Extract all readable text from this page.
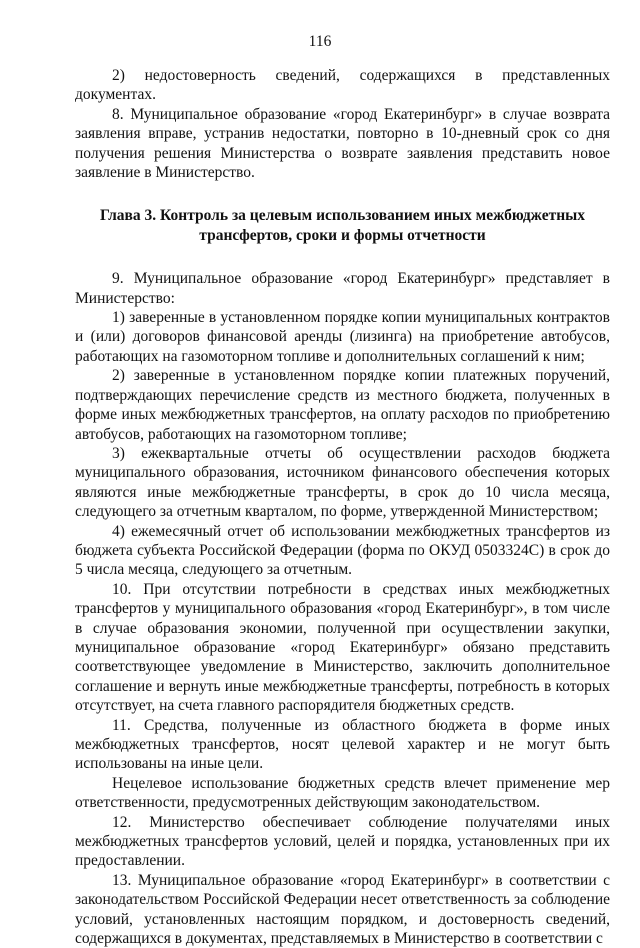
116

2) недостоверность сведений, содержащихся в представленных документах.

8. Муниципальное образование «город Екатеринбург» в случае возврата заявления вправе, устранив недостатки, повторно в 10-дневный срок со дня получения решения Министерства о возврате заявления представить новое заявление в Министерство.

Глава 3. Контроль за целевым использованием иных межбюджетных трансфертов, сроки и формы отчетности

9. Муниципальное образование «город Екатеринбург» представляет в Министерство:

1) заверенные в установленном порядке копии муниципальных контрактов и (или) договоров финансовой аренды (лизинга) на приобретение автобусов, работающих на газомоторном топливе и дополнительных соглашений к ним;

2) заверенные в установленном порядке копии платежных поручений, подтверждающих перечисление средств из местного бюджета, полученных в форме иных межбюджетных трансфертов, на оплату расходов по приобретению автобусов, работающих на газомоторном топливе;

3) ежеквартальные отчеты об осуществлении расходов бюджета муниципального образования, источником финансового обеспечения которых являются иные межбюджетные трансферты, в срок до 10 числа месяца, следующего за отчетным кварталом, по форме, утвержденной Министерством;

4) ежемесячный отчет об использовании межбюджетных трансфертов из бюджета субъекта Российской Федерации (форма по ОКУД 0503324С) в срок до 5 числа месяца, следующего за отчетным.

10. При отсутствии потребности в средствах иных межбюджетных трансфертов у муниципального образования «город Екатеринбург», в том числе в случае образования экономии, полученной при осуществлении закупки, муниципальное образование «город Екатеринбург» обязано представить соответствующее уведомление в Министерство, заключить дополнительное соглашение и вернуть иные межбюджетные трансферты, потребность в которых отсутствует, на счета главного распорядителя бюджетных средств.

11. Средства, полученные из областного бюджета в форме иных межбюджетных трансфертов, носят целевой характер и не могут быть использованы на иные цели.

Нецелевое использование бюджетных средств влечет применение мер ответственности, предусмотренных действующим законодательством.

12. Министерство обеспечивает соблюдение получателями иных межбюджетных трансфертов условий, целей и порядка, установленных при их предоставлении.

13. Муниципальное образование «город Екатеринбург» в соответствии с законодательством Российской Федерации несет ответственность за соблюдение условий, установленных настоящим порядком, и достоверность сведений, содержащихся в документах, представляемых в Министерство в соответствии с
